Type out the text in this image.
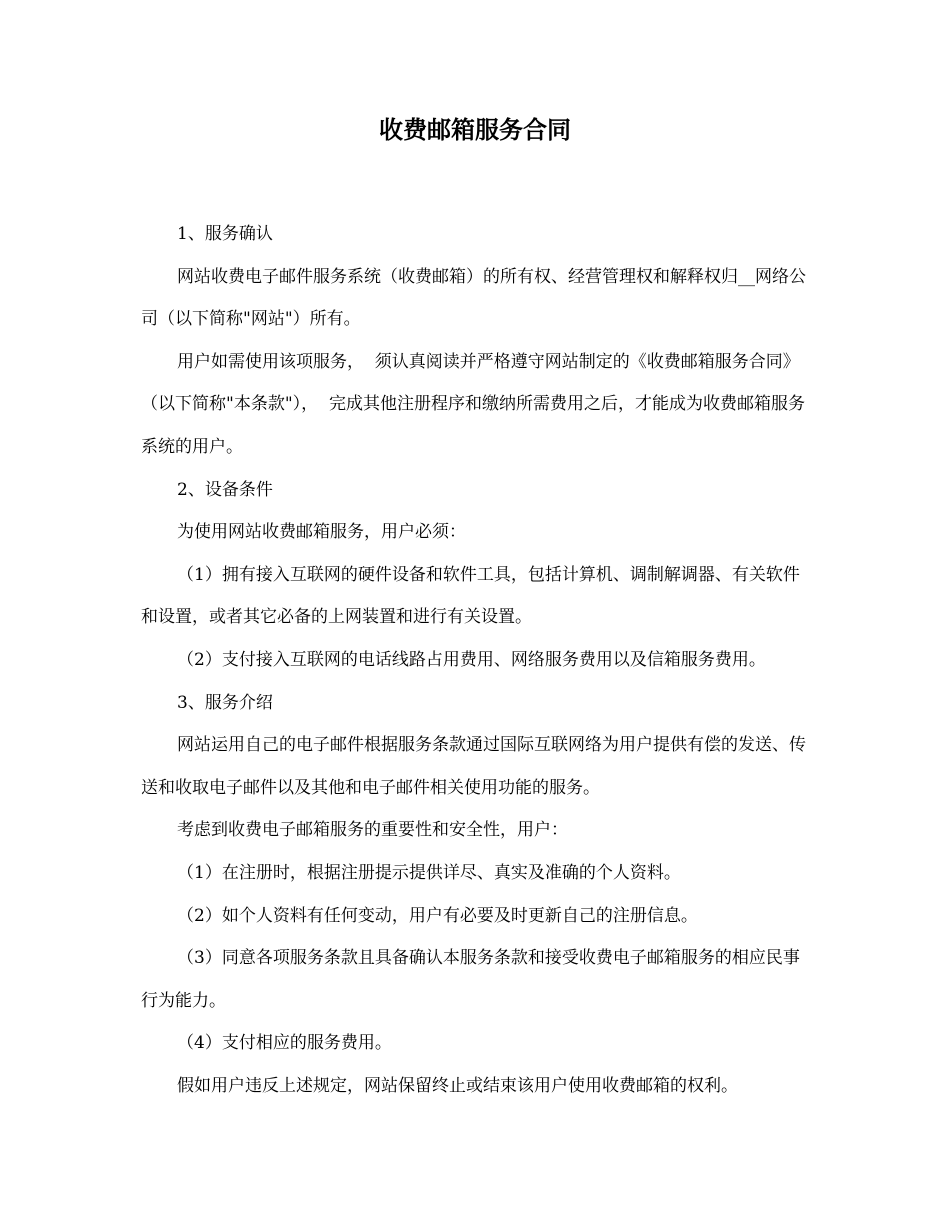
收费邮箱服务合同

1、服务确认

网站收费电子邮件服务系统（收费邮箱）的所有权、经营管理权和解释权归__网络公司（以下简称"网站"）所有。

用户如需使用该项服务，  须认真阅读并严格遵守网站制定的《收费邮箱服务合同》（以下简称"本条款"），  完成其他注册程序和缴纳所需费用之后，才能成为收费邮箱服务系统的用户。

2、设备条件

为使用网站收费邮箱服务，用户必须：

（1）拥有接入互联网的硬件设备和软件工具，包括计算机、调制解调器、有关软件和设置，或者其它必备的上网装置和进行有关设置。

（2）支付接入互联网的电话线路占用费用、网络服务费用以及信箱服务费用。

3、服务介绍

网站运用自己的电子邮件根据服务条款通过国际互联网络为用户提供有偿的发送、传送和收取电子邮件以及其他和电子邮件相关使用功能的服务。

考虑到收费电子邮箱服务的重要性和安全性，用户：

（1）在注册时，根据注册提示提供详尽、真实及准确的个人资料。

（2）如个人资料有任何变动，用户有必要及时更新自己的注册信息。

（3）同意各项服务条款且具备确认本服务条款和接受收费电子邮箱服务的相应民事行为能力。

（4）支付相应的服务费用。

假如用户违反上述规定，网站保留终止或结束该用户使用收费邮箱的权利。
